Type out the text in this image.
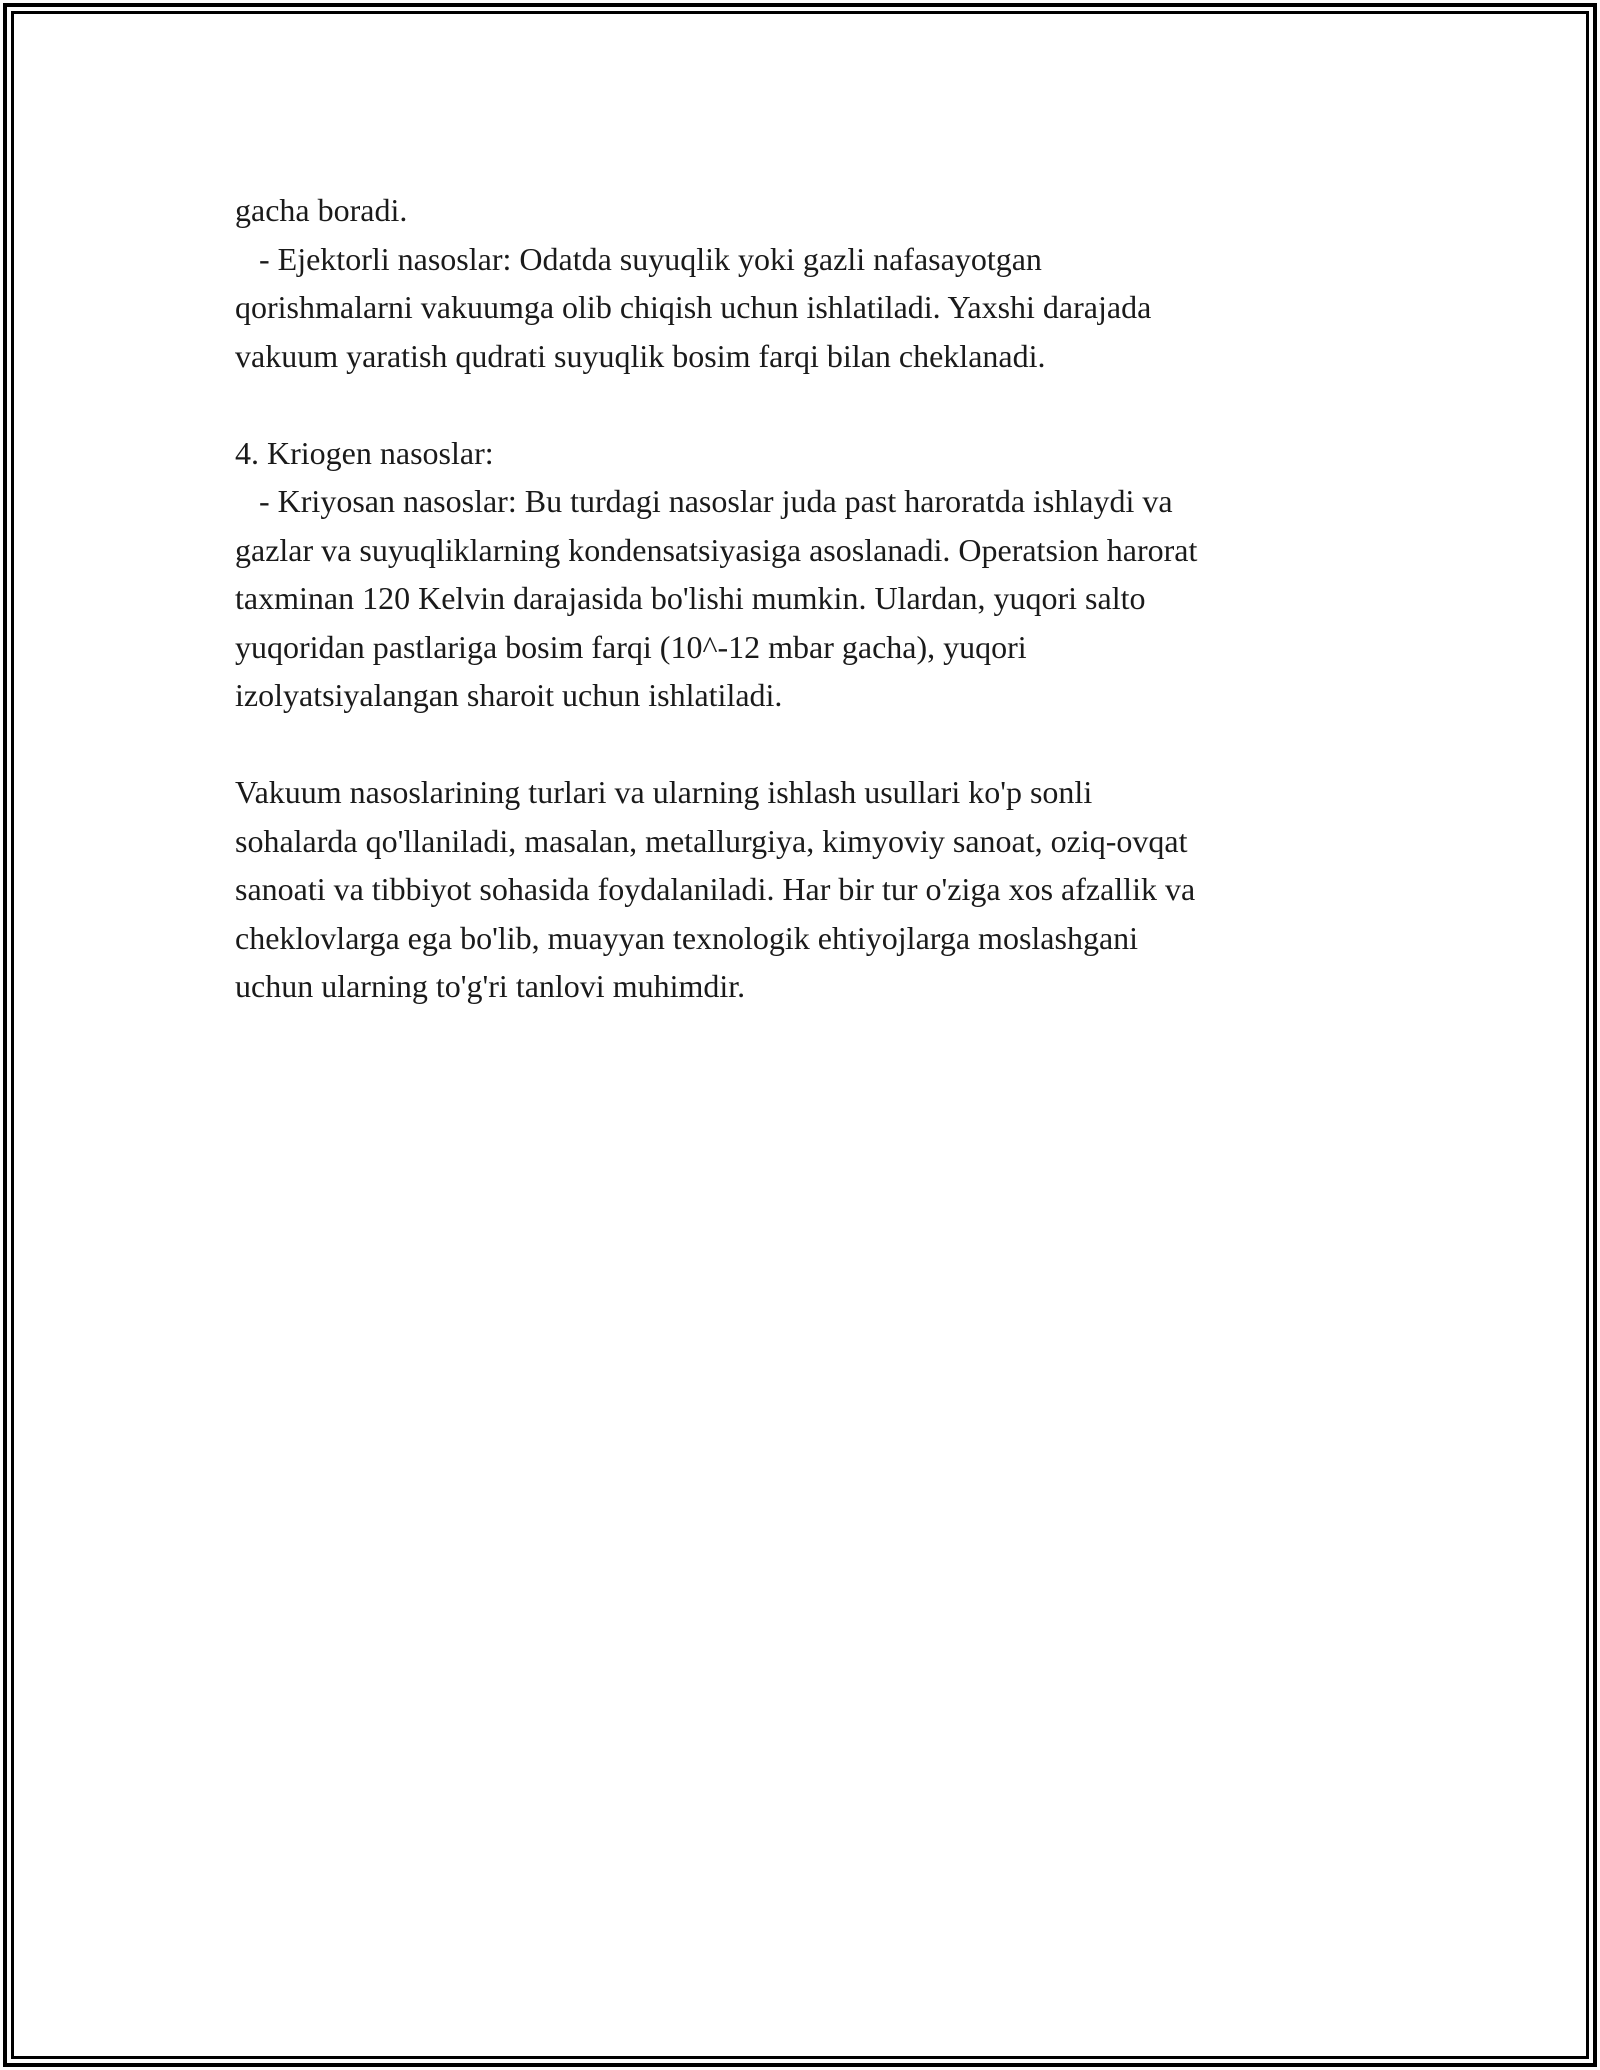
gacha boradi.
- Ejektorli nasoslar: Odatda suyuqlik yoki gazli nafasayotgan
qorishmalarni vakuumga olib chiqish uchun ishlatiladi. Yaxshi darajada
vakuum yaratish qudrati suyuqlik bosim farqi bilan cheklanadi.
4. Kriogen nasoslar:
- Kriyosan nasoslar: Bu turdagi nasoslar juda past haroratda ishlaydi va
gazlar va suyuqliklarning kondensatsiyasiga asoslanadi. Operatsion harorat
taxminan 120 Kelvin darajasida bo'lishi mumkin. Ulardan, yuqori salto
yuqoridan pastlariga bosim farqi (10^-12 mbar gacha), yuqori
izolyatsiyalangan sharoit uchun ishlatiladi.
Vakuum nasoslarining turlari va ularning ishlash usullari ko'p sonli
sohalarda qo'llaniladi, masalan, metallurgiya, kimyoviy sanoat, oziq-ovqat
sanoati va tibbiyot sohasida foydalaniladi. Har bir tur o'ziga xos afzallik va
cheklovlarga ega bo'lib, muayyan texnologik ehtiyojlarga moslashgani
uchun ularning to'g'ri tanlovi muhimdir.
